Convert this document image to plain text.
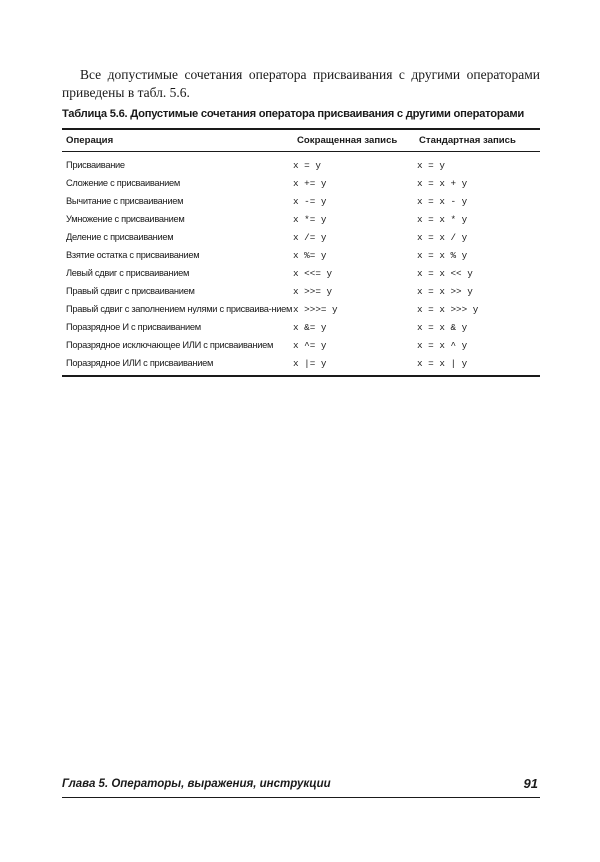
Все допустимые сочетания оператора присваивания с другими операторами приведены в табл. 5.6.

Таблица 5.6. Допустимые сочетания оператора присваивания с другими операторами
Операция	Сокращенная запись	Стандартная запись
Присваивание	x = y	x = y
Сложение с присваиванием	x += y	x = x + y
Вычитание с присваиванием	x -= y	x = x - y
Умножение с присваиванием	x *= y	x = x * y
Деление с присваиванием	x /= y	x = x / y
Взятие остатка с присваиванием	x %= y	x = x % y
Левый сдвиг с присваиванием	x <<= y	x = x << y
Правый сдвиг с присваиванием	x >>= y	x = x >> y
Правый сдвиг с заполнением нулями с присваива-нием	x >>>= y	x = x >>> y
Поразрядное И с присваиванием	x &= y	x = x & y
Поразрядное исключающее ИЛИ с присваиванием	x ^= y	x = x ^ y
Поразрядное ИЛИ с присваиванием	x |= y	x = x | y
Глава 5. Операторы, выражения, инструкции	91
